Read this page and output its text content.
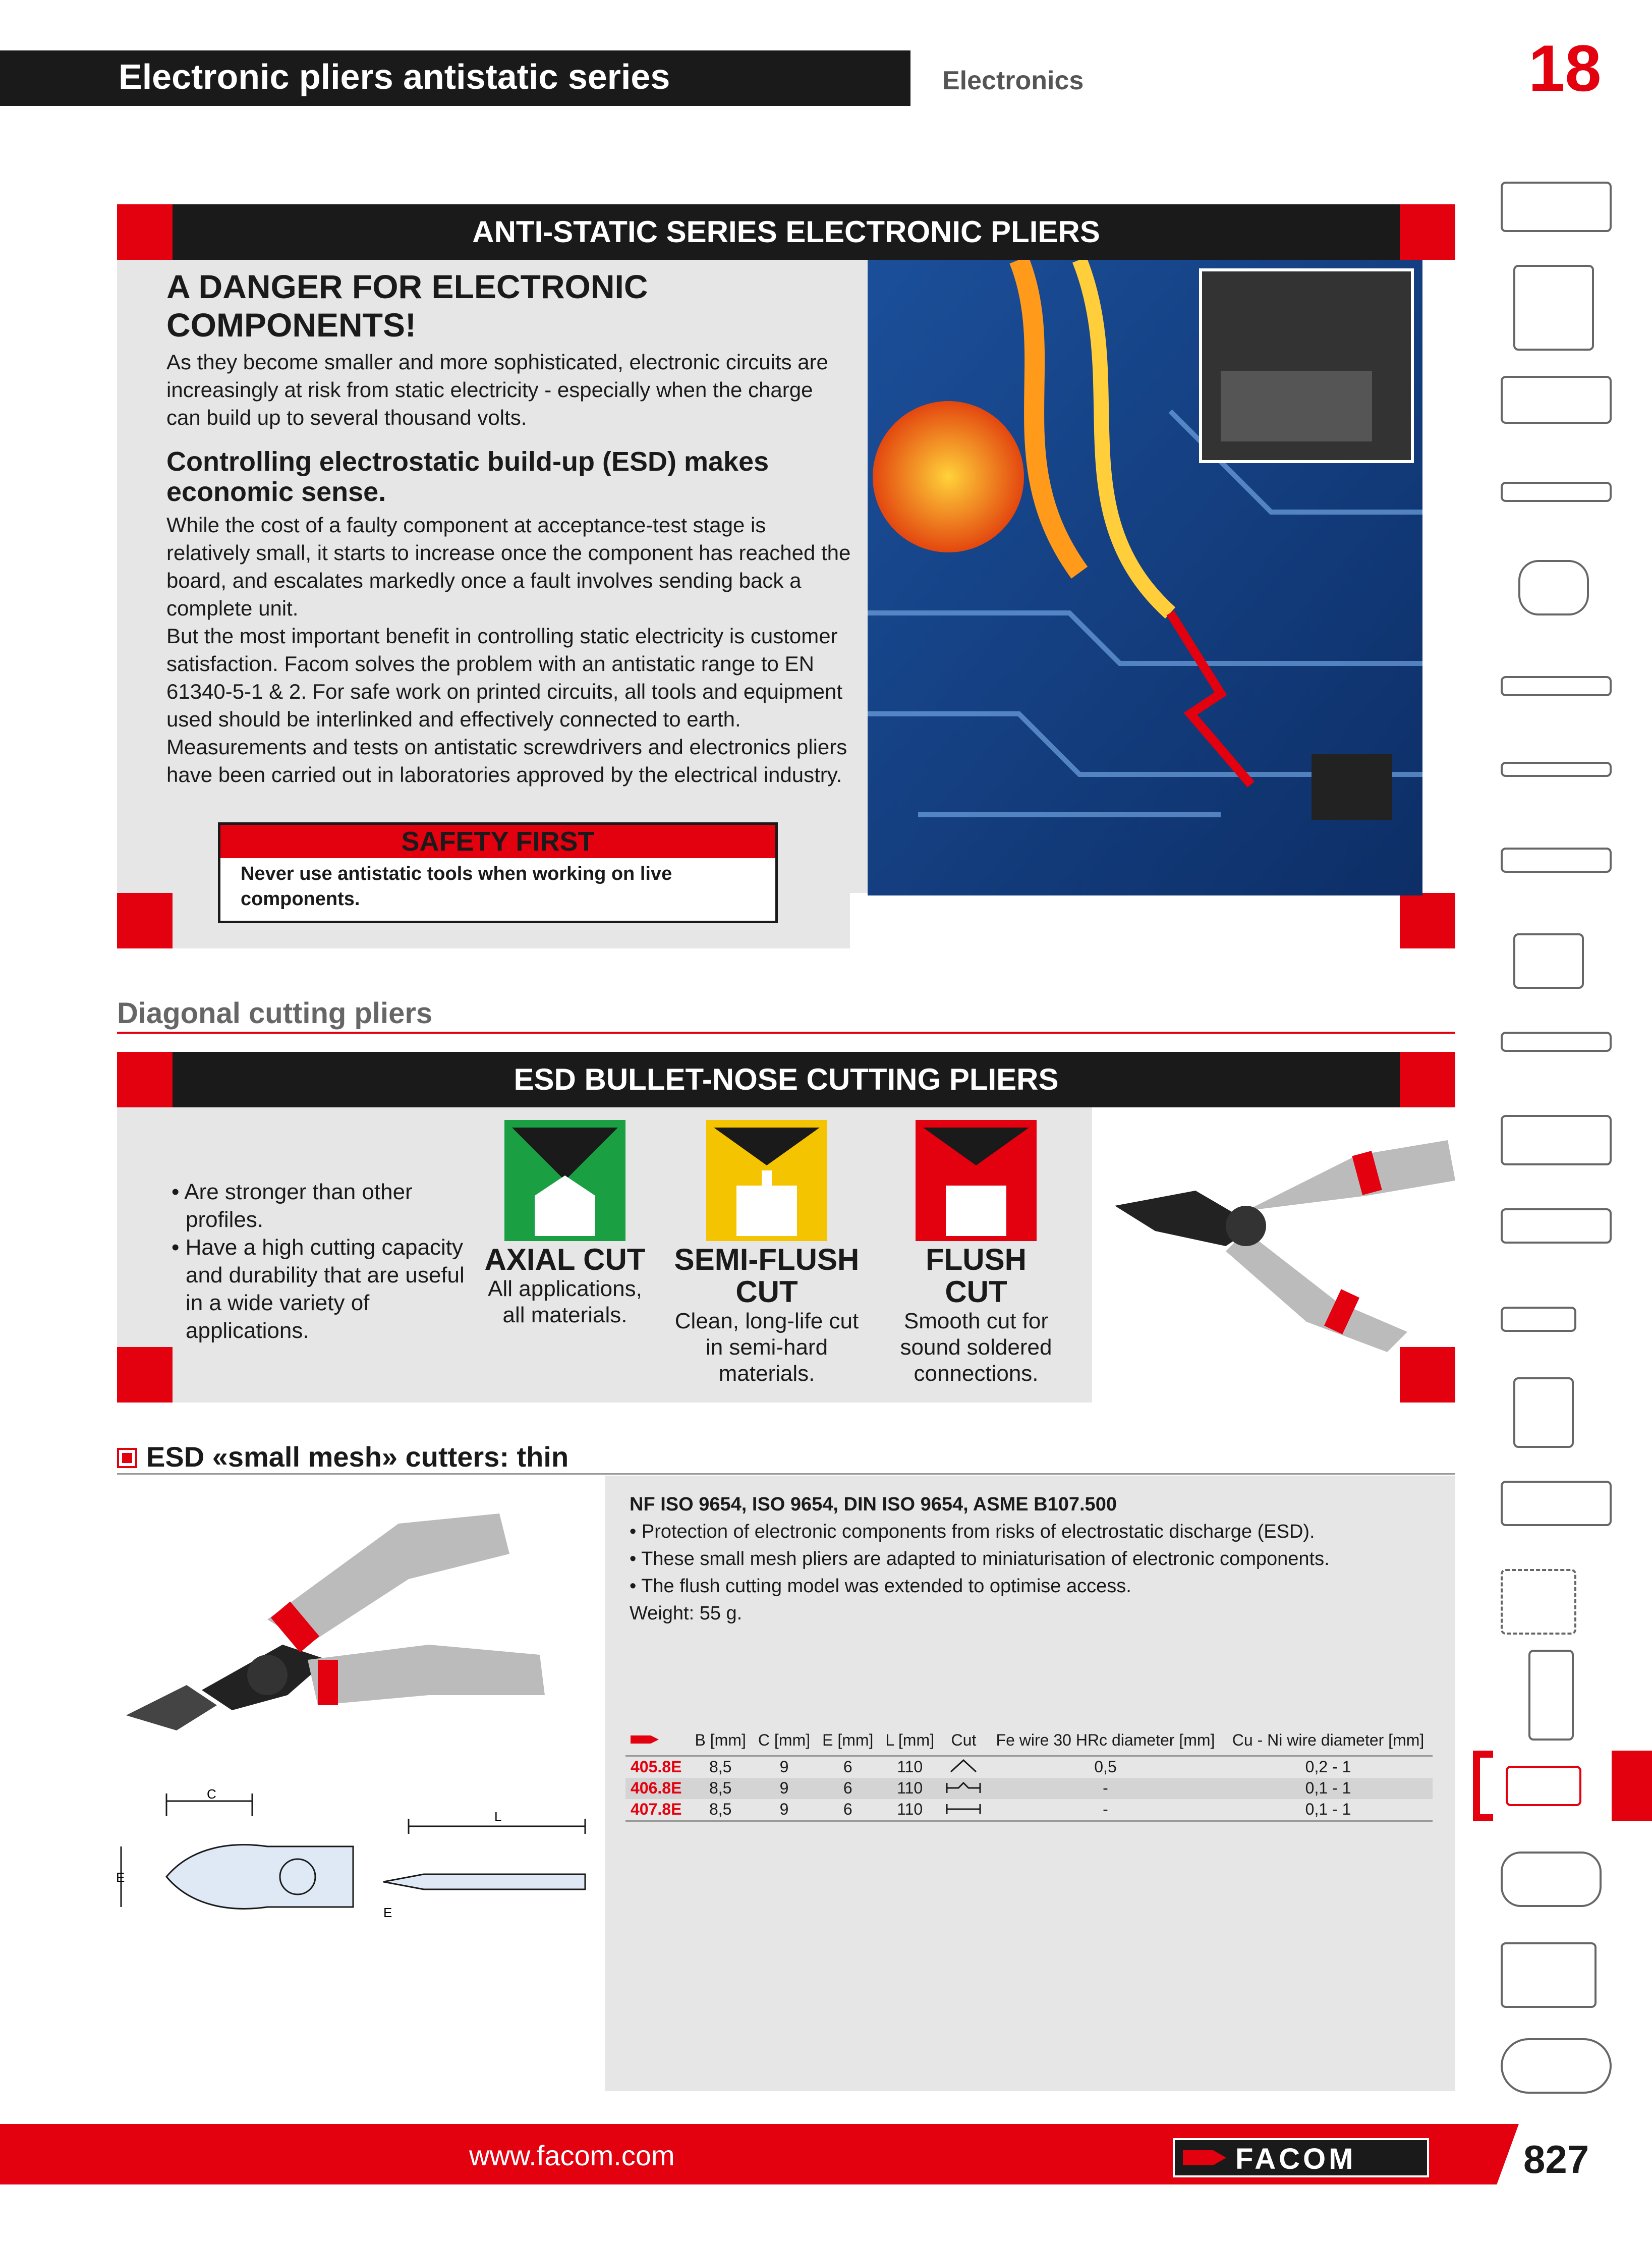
Electronic pliers antistatic series	Electronics	18
ANTI-STATIC SERIES ELECTRONIC PLIERS
A DANGER FOR ELECTRONIC COMPONENTS!
As they become smaller and more sophisticated, electronic circuits are increasingly at risk from static electricity - especially when the charge can build up to several thousand volts.
Controlling electrostatic build-up (ESD) makes economic sense.
While the cost of a faulty component at acceptance-test stage is relatively small, it starts to increase once the component has reached the board, and escalates markedly once a fault involves sending back a complete unit.
But the most important benefit in controlling static electricity is customer satisfaction. Facom solves the problem with an antistatic range to EN 61340-5-1 & 2. For safe work on printed circuits, all tools and equipment used should be interlinked and effectively connected to earth. Measurements and tests on antistatic screwdrivers and electronics pliers have been carried out in laboratories approved by the electrical industry.
SAFETY FIRST
Never use antistatic tools when working on live components.
Diagonal cutting pliers
ESD BULLET-NOSE CUTTING PLIERS
• Are stronger than other profiles.
• Have a high cutting capacity and durability that are useful in a wide variety of applications.
AXIAL CUT
All applications, all materials.
SEMI-FLUSH CUT
Clean, long-life cut in semi-hard materials.
FLUSH CUT
Smooth cut for sound soldered connections.
ESD «small mesh» cutters: thin
NF ISO 9654, ISO 9654, DIN ISO 9654, ASME B107.500
• Protection of electronic components from risks of electrostatic discharge (ESD).
• These small mesh pliers are adapted to miniaturisation of electronic components.
• The flush cutting model was extended to optimise access.
Weight: 55 g.
	B [mm]	C [mm]	E [mm]	L [mm]	Cut	Fe wire 30 HRc diameter [mm]	Cu - Ni wire diameter [mm]
405.8E	8,5	9	6	110		0,5	0,2 - 1
406.8E	8,5	9	6	110		-	0,1 - 1
407.8E	8,5	9	6	110		-	0,1 - 1
C
E
L
E
www.facom.com	FACOM	827
